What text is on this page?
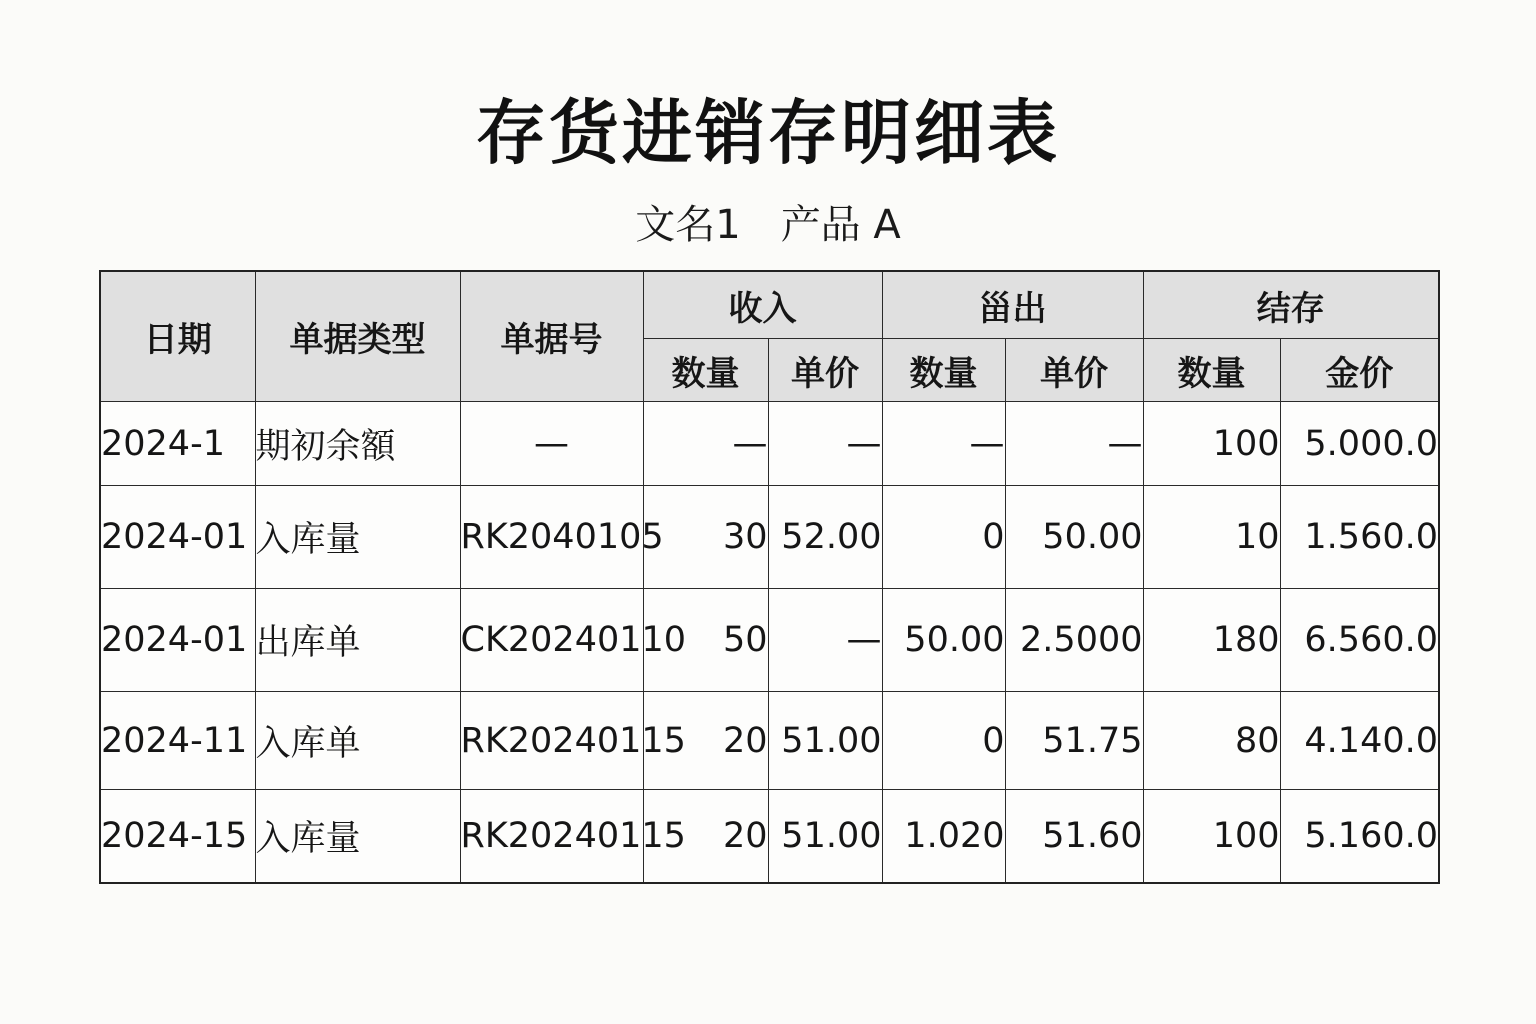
存货进销存明细表
文名1 产品 A
日期	单据类型	单据号	收入		甾出		结存	
			数量	单价	数量	单价	数量	金价
2024-1	期初余額	—	—	—	—	—	100	5.000.0
2024-01	入库量	RK2040105	30	52.00	0	50.00	10	1.560.0
2024-01	出库单	CK20240110	50	—	50.00	2.5000	180	6.560.0
2024-11	入库单	RK20240115	20	51.00	0	51.75	80	4.140.0
2024-15	入库量	RK20240115	20	51.00	1.020	51.60	100	5.160.0
